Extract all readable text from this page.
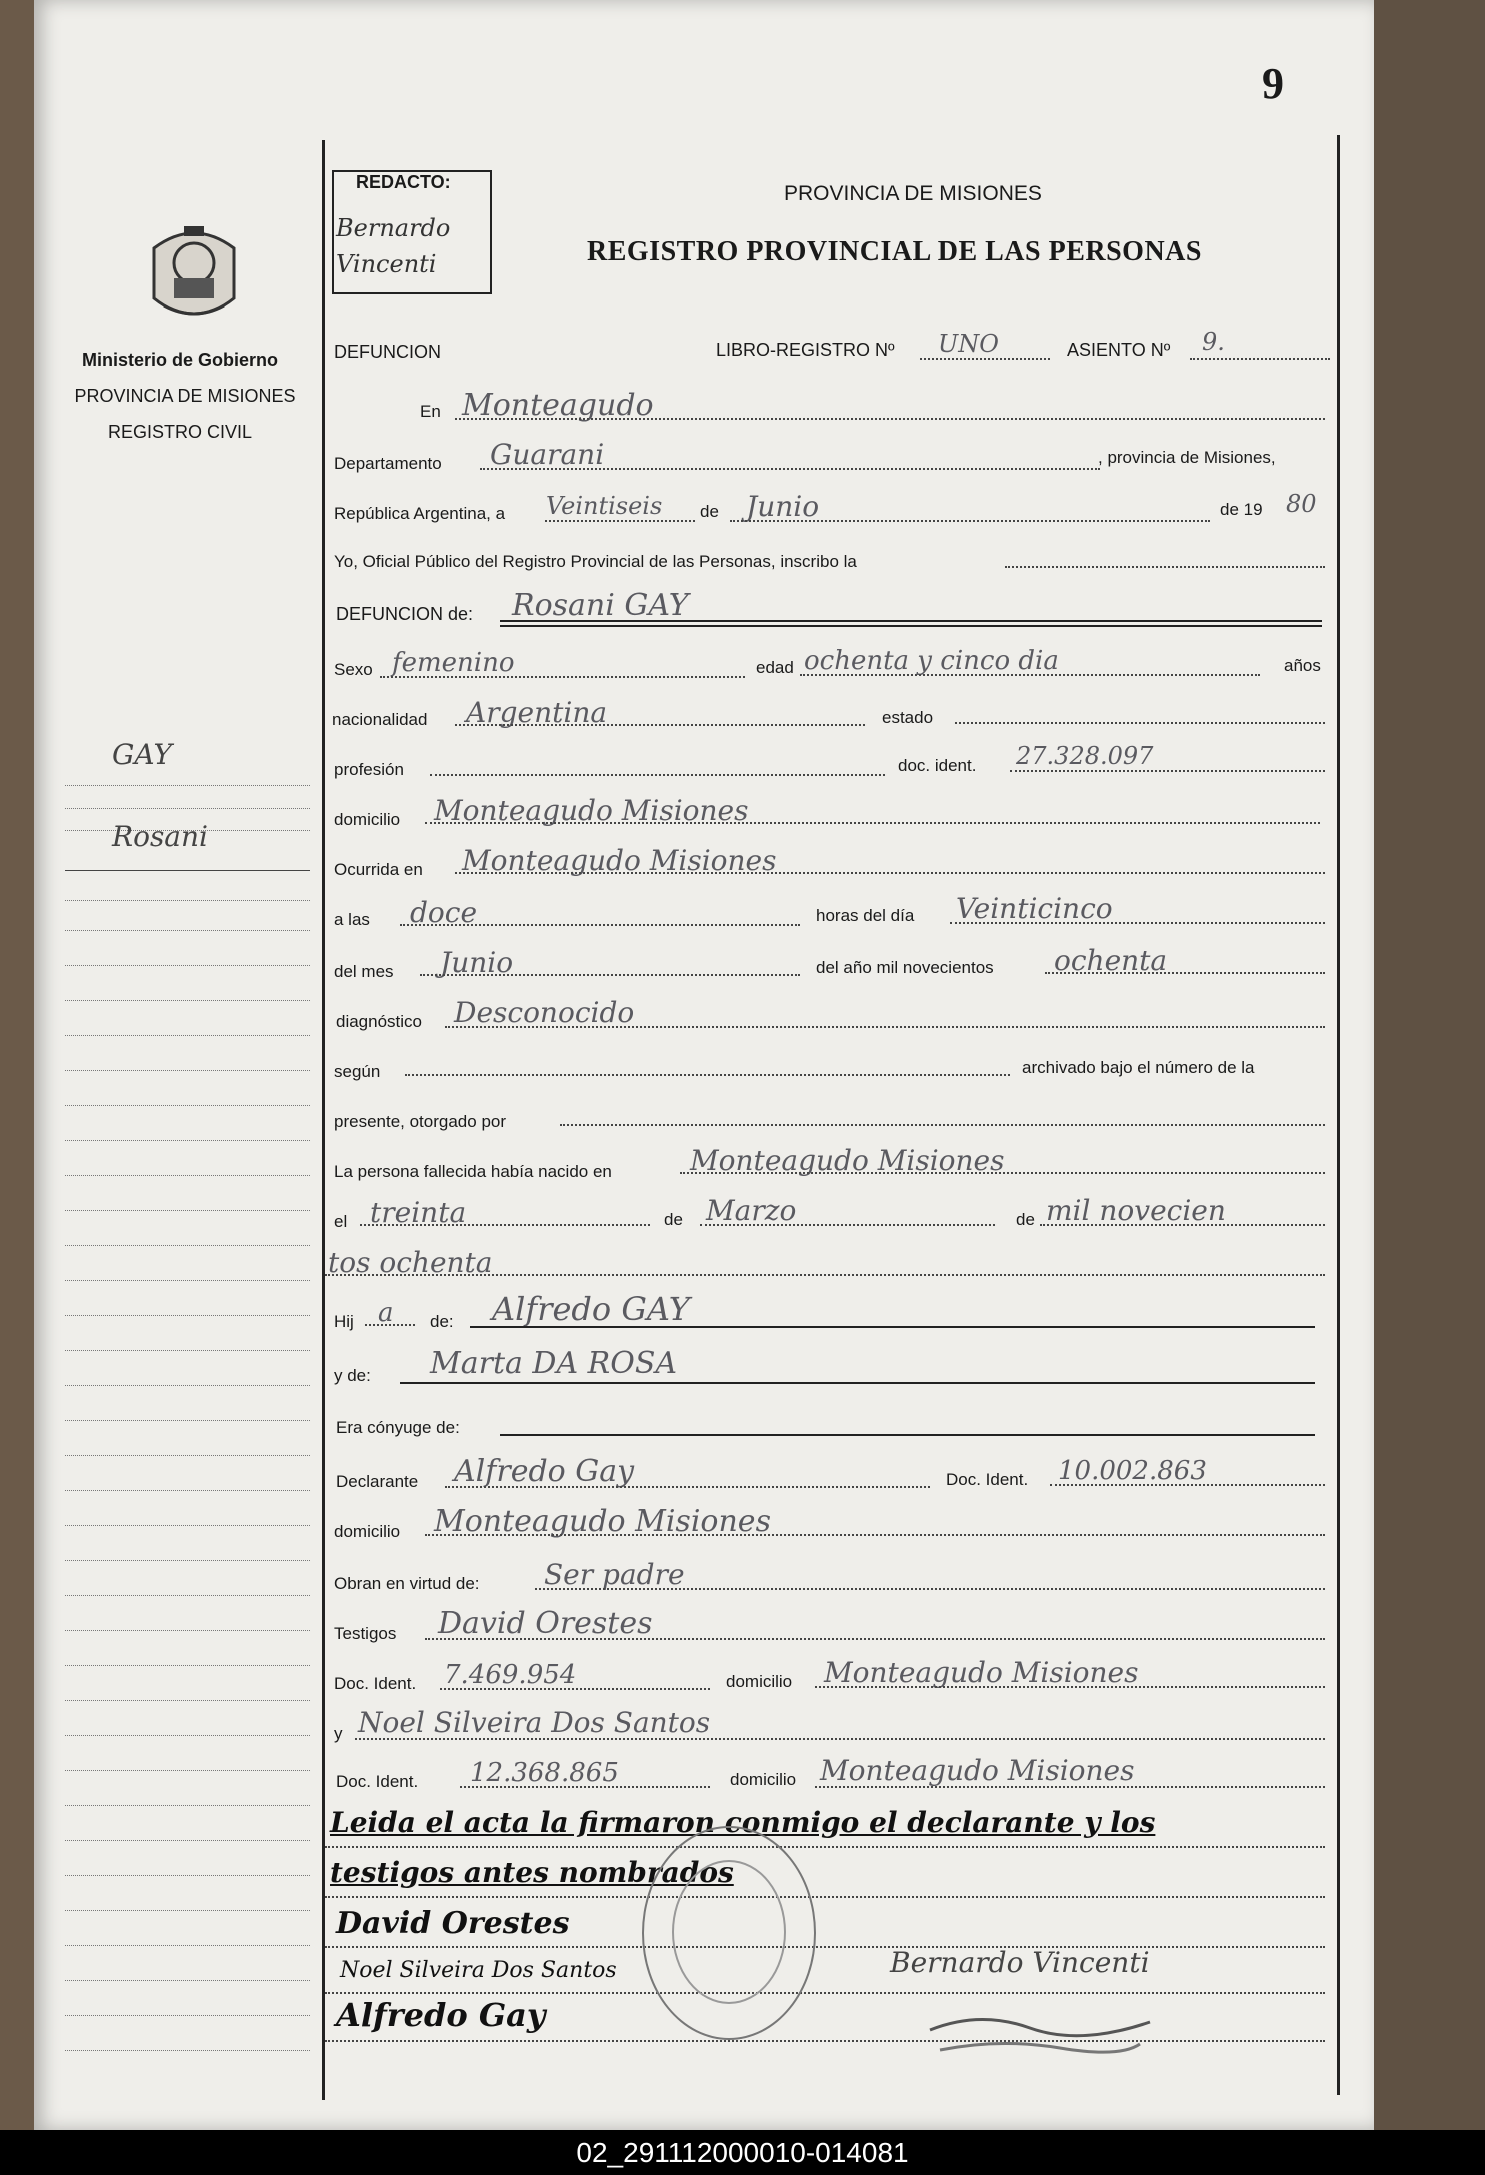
9
REDACTO:
Bernardo Vincenti
PROVINCIA DE MISIONES
REGISTRO PROVINCIAL DE LAS PERSONAS
Ministerio de Gobierno
PROVINCIA DE MISIONES
REGISTRO CIVIL
GAY
Rosani
DEFUNCION	LIBRO-REGISTRO Nº UNO	ASIENTO Nº 9.
En Monteagudo
Departamento Guarani	, provincia de Misiones,
República Argentina, a Veintiseis de Junio	de 19 80
Yo, Oficial Público del Registro Provincial de las Personas, inscribo la
DEFUNCION de: Rosani GAY
Sexo femenino	edad ochenta y cinco dia	años
nacionalidad Argentina	estado
profesión	doc. ident. 27.328.097
domicilio Monteagudo Misiones
Ocurrida en Monteagudo Misiones
a las doce	horas del día Veinticinco
del mes Junio	del año mil novecientos ochenta
diagnóstico Desconocido
según	archivado bajo el número de la
presente, otorgado por
La persona fallecida había nacido en	Monteagudo Misiones
el treinta	de Marzo	de mil novecien
tos ochenta
Hij a de: Alfredo GAY
y de: Marta DA ROSA
Era cónyuge de:
Declarante Alfredo Gay	Doc. Ident. 10.002.863
domicilio Monteagudo Misiones
Obran en virtud de: Ser padre
Testigos David Orestes
Doc. Ident. 7.469.954	domicilio Monteagudo Misiones
y Noel Silveira Dos Santos
Doc. Ident. 12.368.865	domicilio Monteagudo Misiones
Leida el acta la firmaron conmigo el declarante y los
testigos antes nombrados
David Orestes
Noel Silveira Dos Santos
Alfredo Gay
Bernardo Vincenti
02_291112000010-014081
